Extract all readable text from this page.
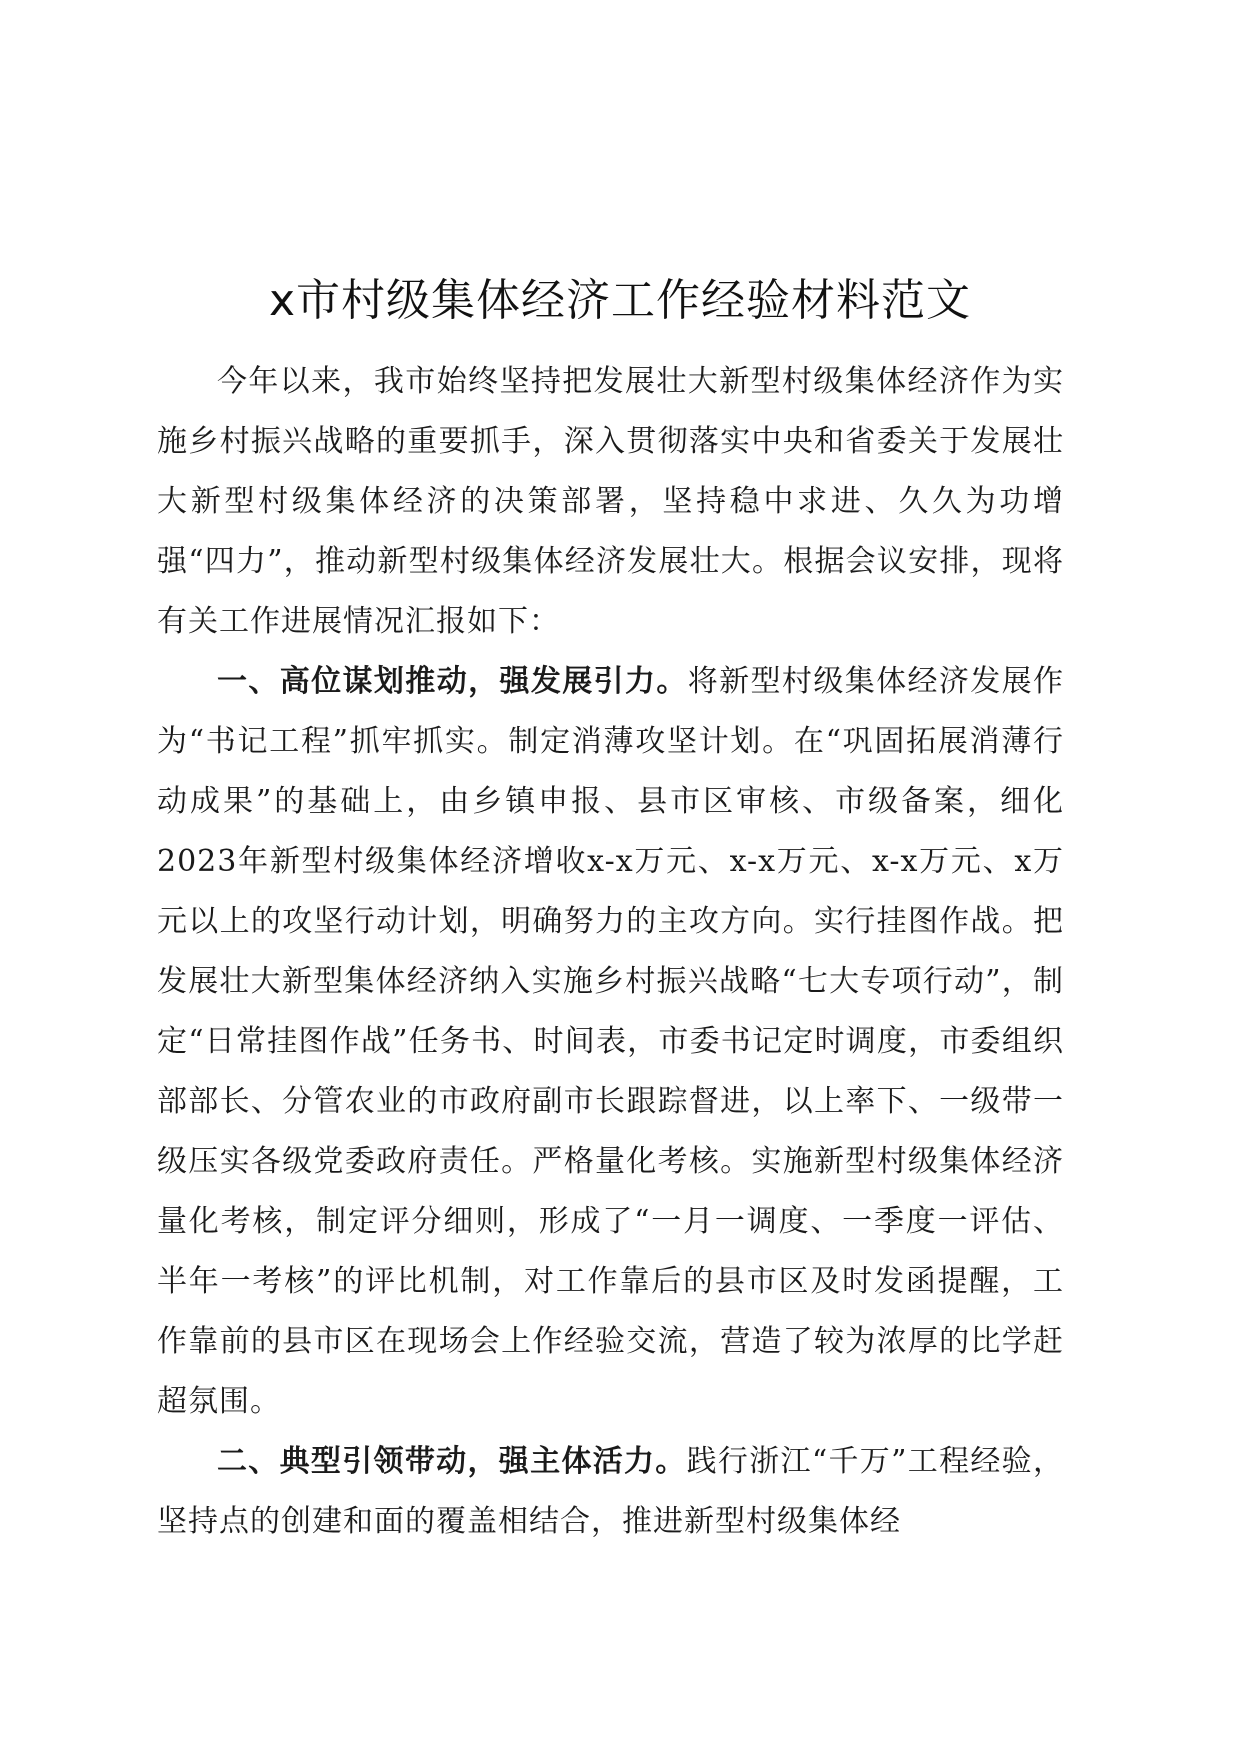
x市村级集体经济工作经验材料范文

今年以来，我市始终坚持把发展壮大新型村级集体经济作为实施乡村振兴战略的重要抓手，深入贯彻落实中央和省委关于发展壮大新型村级集体经济的决策部署，坚持稳中求进、久久为功增强“四力”，推动新型村级集体经济发展壮大。根据会议安排，现将有关工作进展情况汇报如下：

一、高位谋划推动，强发展引力。将新型村级集体经济发展作为“书记工程”抓牢抓实。制定消薄攻坚计划。在“巩固拓展消薄行动成果”的基础上，由乡镇申报、县市区审核、市级备案，细化2023年新型村级集体经济增收x-x万元、x-x万元、x-x万元、x万元以上的攻坚行动计划，明确努力的主攻方向。实行挂图作战。把发展壮大新型集体经济纳入实施乡村振兴战略“七大专项行动”，制定“日常挂图作战”任务书、时间表，市委书记定时调度，市委组织部部长、分管农业的市政府副市长跟踪督进，以上率下、一级带一级压实各级党委政府责任。严格量化考核。实施新型村级集体经济量化考核，制定评分细则，形成了“一月一调度、一季度一评估、半年一考核”的评比机制，对工作靠后的县市区及时发函提醒，工作靠前的县市区在现场会上作经验交流，营造了较为浓厚的比学赶超氛围。

二、典型引领带动，强主体活力。践行浙江“千万”工程经验，坚持点的创建和面的覆盖相结合，推进新型村级集体经
